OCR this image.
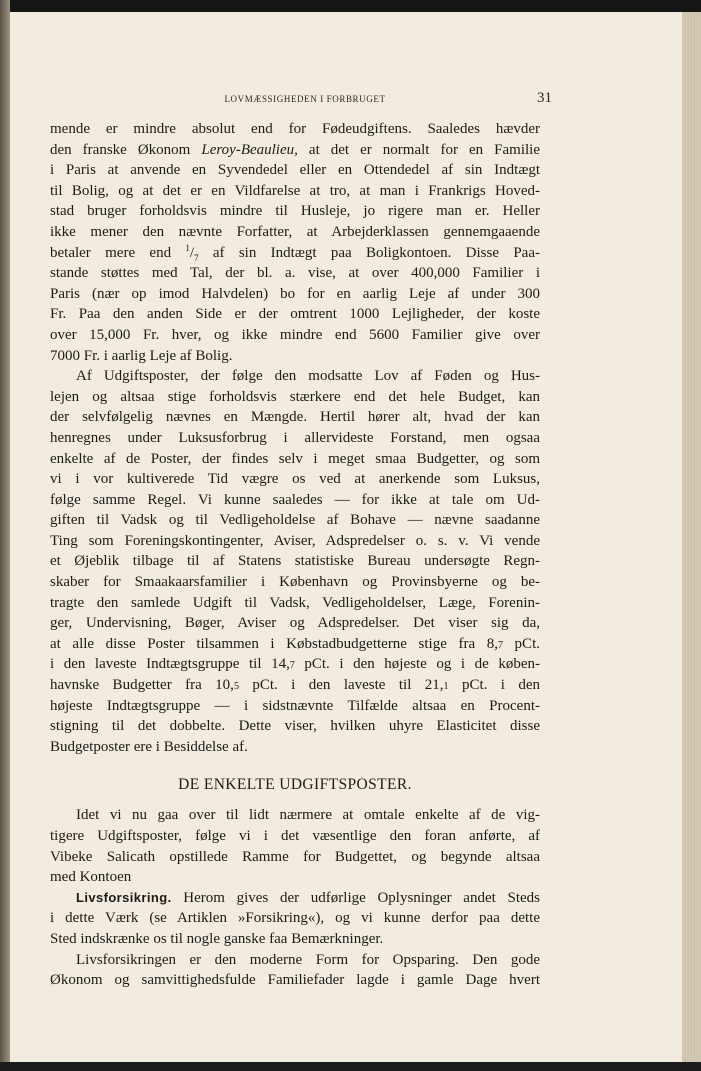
LOVMÆSSIGHEDEN I FORBRUGET	31
mende er mindre absolut end for Fødeudgiftens. Saaledes hævder
den franske Økonom Leroy-Beaulieu, at det er normalt for en Familie
i Paris at anvende en Syvendedel eller en Ottendedel af sin Indtægt
til Bolig, og at det er en Vildfarelse at tro, at man i Frankrigs Hoved-
stad bruger forholdsvis mindre til Husleje, jo rigere man er. Heller
ikke mener den nævnte Forfatter, at Arbejderklassen gennemgaaende
betaler mere end $^1/_7$ af sin Indtægt paa Boligkontoen. Disse Paa-
stande støttes med Tal, der bl. a. vise, at over 400,000 Familier i
Paris (nær op imod Halvdelen) bo for en aarlig Leje af under 300
Fr. Paa den anden Side er der omtrent 1000 Lejligheder, der koste
over 15,000 Fr. hver, og ikke mindre end 5600 Familier give over
7000 Fr. i aarlig Leje af Bolig.
Af Udgiftsposter, der følge den modsatte Lov af Føden og Hus-
lejen og altsaa stige forholdsvis stærkere end det hele Budget, kan
der selvfølgelig nævnes en Mængde. Hertil hører alt, hvad der kan
henregnes under Luksusforbrug i allervideste Forstand, men ogsaa
enkelte af de Poster, der findes selv i meget smaa Budgetter, og som
vi i vor kultiverede Tid vægre os ved at anerkende som Luksus,
følge samme Regel. Vi kunne saaledes — for ikke at tale om Ud-
giften til Vadsk og til Vedligeholdelse af Bohave — nævne saadanne
Ting som Foreningskontingenter, Aviser, Adspredelser o. s. v. Vi vende
et Øjeblik tilbage til af Statens statistiske Bureau undersøgte Regn-
skaber for Smaakaarsfamilier i København og Provinsbyerne og be-
tragte den samlede Udgift til Vadsk, Vedligeholdelser, Læge, Forenin-
ger, Undervisning, Bøger, Aviser og Adspredelser. Det viser sig da,
at alle disse Poster tilsammen i Købstadbudgetterne stige fra 8,7 pCt.
i den laveste Indtægtsgruppe til 14,7 pCt. i den højeste og i de køben-
havnske Budgetter fra 10,5 pCt. i den laveste til 21,1 pCt. i den
højeste Indtægtsgruppe — i sidstnævnte Tilfælde altsaa en Procent-
stigning til det dobbelte. Dette viser, hvilken uhyre Elasticitet disse
Budgetposter ere i Besiddelse af.
DE ENKELTE UDGIFTSPOSTER.
Idet vi nu gaa over til lidt nærmere at omtale enkelte af de vig-
tigere Udgiftsposter, følge vi i det væsentlige den foran anførte, af
Vibeke Salicath opstillede Ramme for Budgettet, og begynde altsaa
med Kontoen
Livsforsikring. Herom gives der udførlige Oplysninger andet Steds
i dette Værk (se Artiklen »Forsikring«), og vi kunne derfor paa dette
Sted indskrænke os til nogle ganske faa Bemærkninger.
Livsforsikringen er den moderne Form for Opsparing. Den gode
Økonom og samvittighedsfulde Familiefader lagde i gamle Dage hvert
